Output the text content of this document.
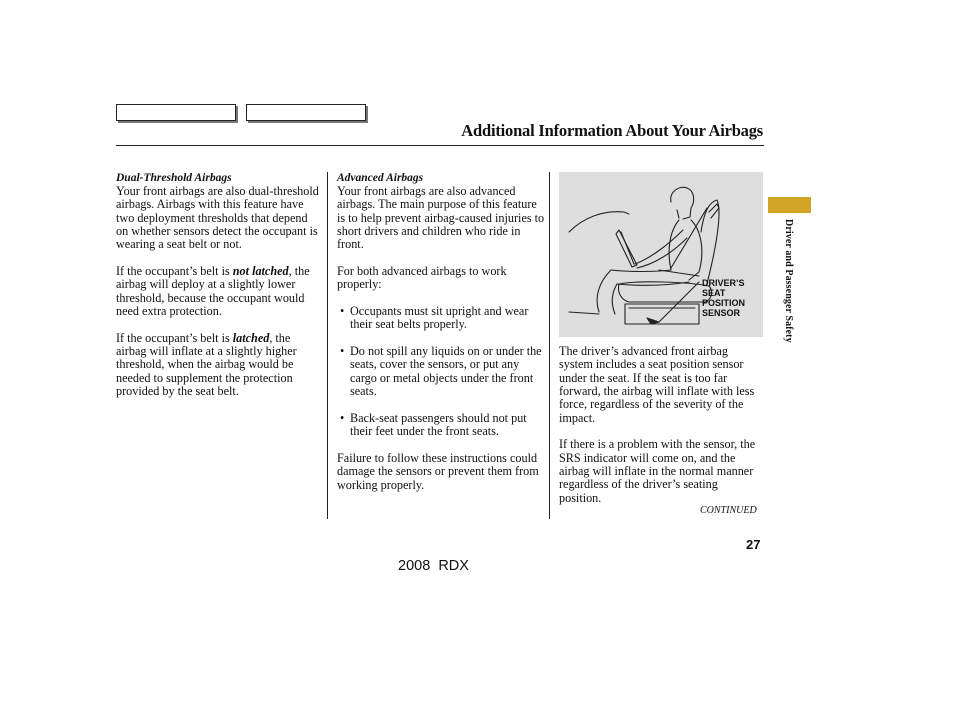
Additional Information About Your Airbags
Dual-Threshold Airbags

Your front airbags are also dual-threshold airbags. Airbags with this feature have two deployment thresholds that depend on whether sensors detect the occupant is wearing a seat belt or not.

If the occupant’s belt is not latched, the airbag will deploy at a slightly lower threshold, because the occupant would need extra protection.

If the occupant’s belt is latched, the airbag will inflate at a slightly higher threshold, when the airbag would be needed to supplement the protection provided by the seat belt.

Advanced Airbags

Your front airbags are also advanced airbags. The main purpose of this feature is to help prevent airbag-caused injuries to short drivers and children who ride in front.

For both advanced airbags to work properly:

• Occupants must sit upright and wear their seat belts properly.
• Do not spill any liquids on or under the seats, cover the sensors, or put any cargo or metal objects under the front seats.
• Back-seat passengers should not put their feet under the front seats.

Failure to follow these instructions could damage the sensors or prevent them from working properly.

DRIVER’S
SEAT
POSITION
SENSOR

The driver’s advanced front airbag system includes a seat position sensor under the seat. If the seat is too far forward, the airbag will inflate with less force, regardless of the severity of the impact.

If there is a problem with the sensor, the SRS indicator will come on, and the airbag will inflate in the normal manner regardless of the driver’s seating position.

CONTINUED
Driver and Passenger Safety
27
2008  RDX
